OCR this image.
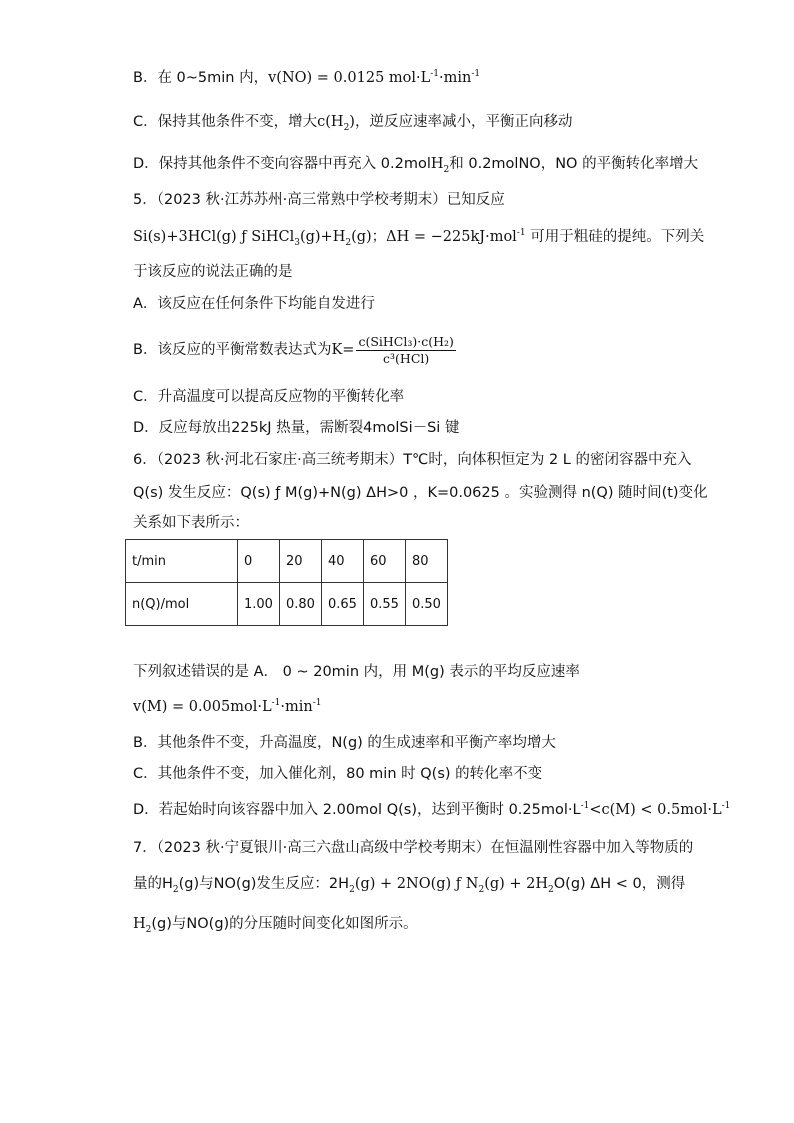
B．在 0~5min 内，v(NO) = 0.0125 $mol\cdot L^{-1}\cdot\min^{-1}$
C．保持其他条件不变，增大$c(H_2)$，逆反应速率减小，平衡正向移动
D．保持其他条件不变向容器中再充入 0.2molH$_2$和 0.2molNO，NO 的平衡转化率增大
5．（2023 秋·江苏苏州·高三常熟中学校考期末）已知反应
Si(s)+3HCl(g) ƒ $SiHCl_3(g)+H_2(g)$；ΔH = −225kJ·mol$^{-1}$ 可用于粗硅的提纯。下列关
于该反应的说法正确的是
A．该反应在任何条件下均能自发进行
B．该反应的平衡常数表达式为$K= \frac{\text{c(SiHCl₃)·c(H₂)}}{\text{c³(HCl)}}$
C．升高温度可以提高反应物的平衡转化率
D．反应每放出225kJ 热量，需断裂4molSi－Si 键
6．（2023 秋·河北石家庄·高三统考期末）T℃时，向体积恒定为 2 L 的密闭容器中充入
Q(s) 发生反应：Q(s) ƒ M(g)+N(g) ΔH>0 ，K=0.0625 。实验测得 n(Q) 随时间(t)变化
关系如下表所示：
t/min	0	20	40	60	80
n(Q)/mol	1.00	0.80	0.65	0.55	0.50
下列叙述错误的是 A． 0 ~ 20min 内，用 M(g) 表示的平均反应速率
$v(M) = 0.005mol\cdot L^{-1}\cdot\min^{-1}$
B．其他条件不变，升高温度，N(g) 的生成速率和平衡产率均增大
C．其他条件不变，加入催化剂，80 min 时 Q(s) 的转化率不变
D．若起始时向该容器中加入 2.00mol Q(s)，达到平衡时 $0.25mol\cdot L^{-1}<c(M) < 0.5mol\cdot L^{-1}$
7．（2023 秋·宁夏银川·高三六盘山高级中学校考期末）在恒温刚性容器中加入等物质的
量的$H_2(g)$与NO(g)发生反应：$2H_2(g) + 2NO(g)$ ƒ $N_2(g) + 2H_2O(g) \Delta H < 0$，测得
$H_2(g)$与NO(g)的分压随时间变化如图所示。
